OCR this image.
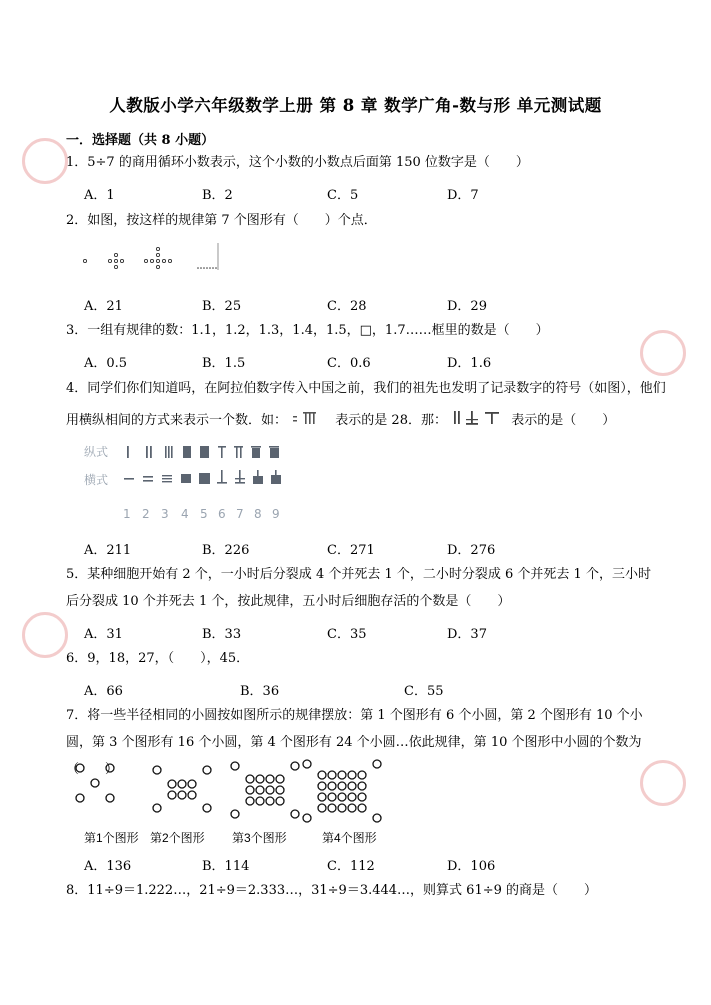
人教版小学六年级数学上册 第 8 章 数学广角-数与形 单元测试题
一．选择题（共 8 小题）
1．5÷7 的商用循环小数表示，这个小数的小数点后面第 150 位数字是（　　）
A．1	B．2	C．5	D．7
2．如图，按这样的规律第 7 个图形有（　　）个点．
A．21	B．25	C．28	D．29
3．一组有规律的数：1.1，1.2，1.3，1.4，1.5，□，1.7……框里的数是（　　）
A．0.5	B．1.5	C．0.6	D．1.6
4．同学们你们知道吗，在阿拉伯数字传入中国之前，我们的祖先也发明了记录数字的符号（如图），他们
用横纵相间的方式来表示一个数．如：	表示的是 28．那：	表示的是（　　）
纵式
横式
1 2 3 4 5 6 7 8 9
A．211	B．226	C．271	D．276
5．某种细胞开始有 2 个，一小时后分裂成 4 个并死去 1 个，二小时分裂成 6 个并死去 1 个，三小时后分裂成 10 个并死去 1 个，按此规律，五小时后细胞存活的个数是（　　）
A．31	B．33	C．35	D．37
6．9，18，27，（　　），45．
A．66	B．36	C．55
7．将一些半径相同的小圆按如图所示的规律摆放：第 1 个图形有 6 个小圆，第 2 个图形有 10 个小圆，第 3 个图形有 16 个小圆，第 4 个图形有 24 个小圆…依此规律，第 10 个图形中小圆的个数为（　　）
第1个图形 第2个图形 第3个图形	第4个图形
A．136	B．114	C．112	D．106
8．11÷9＝1.222…，21÷9＝2.333…，31÷9＝3.444…，则算式 61÷9 的商是（　　）
